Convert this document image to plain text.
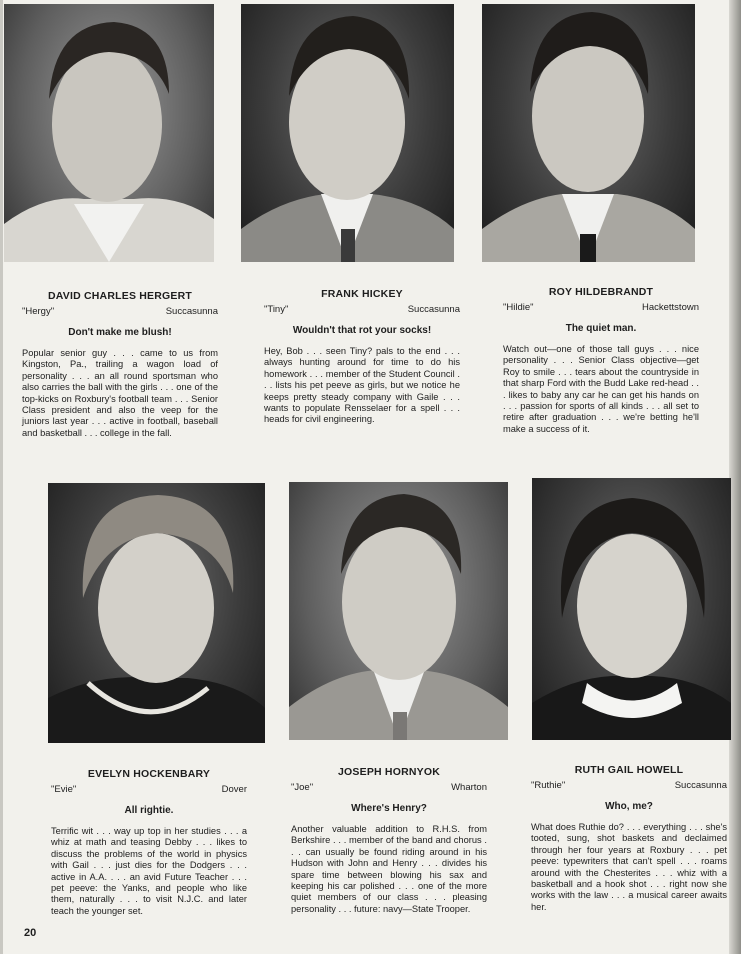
DAVID CHARLES HERGERT
"Hergy"	Succasunna
Don't make me blush!
Popular senior guy . . . came to us from Kingston, Pa., trailing a wagon load of personality . . . an all round sportsman who also carries the ball with the girls . . . one of the top-kicks on Roxbury's football team . . . Senior Class president and also the veep for the juniors last year . . . active in football, baseball and basketball . . . college in the fall.
FRANK HICKEY
"Tiny"	Succasunna
Wouldn't that rot your socks!
Hey, Bob . . . seen Tiny? pals to the end . . . always hunting around for time to do his homework . . . member of the Student Council . . . lists his pet peeve as girls, but we notice he keeps pretty steady company with Gaile . . . wants to populate Rensselaer for a spell . . . heads for civil engineering.
ROY HILDEBRANDT
"Hildie"	Hackettstown
The quiet man.
Watch out—one of those tall guys . . . nice personality . . . Senior Class objective—get Roy to smile . . . tears about the countryside in that sharp Ford with the Budd Lake red-head . . . likes to baby any car he can get his hands on . . . passion for sports of all kinds . . . all set to retire after graduation . . . we're betting he'll make a success of it.
EVELYN HOCKENBARY
"Evie"	Dover
All rightie.
Terrific wit . . . way up top in her studies . . . a whiz at math and teasing Debby . . . likes to discuss the problems of the world in physics with Gail . . . just dies for the Dodgers . . . active in A.A. . . . an avid Future Teacher . . . pet peeve: the Yanks, and people who like them, naturally . . . to visit N.J.C. and later teach the younger set.
JOSEPH HORNYOK
"Joe"	Wharton
Where's Henry?
Another valuable addition to R.H.S. from Berkshire . . . member of the band and chorus . . . can usually be found riding around in his Hudson with John and Henry . . . divides his spare time between blowing his sax and keeping his car polished . . . one of the more quiet members of our class . . . pleasing personality . . . future: navy—State Trooper.
RUTH GAIL HOWELL
"Ruthie"	Succasunna
Who, me?
What does Ruthie do? . . . everything . . . she's tooted, sung, shot baskets and declaimed through her four years at Roxbury . . . pet peeve: typewriters that can't spell . . . roams around with the Chesterites . . . whiz with a basketball and a hook shot . . . right now she works with the law . . . a musical career awaits her.
20
